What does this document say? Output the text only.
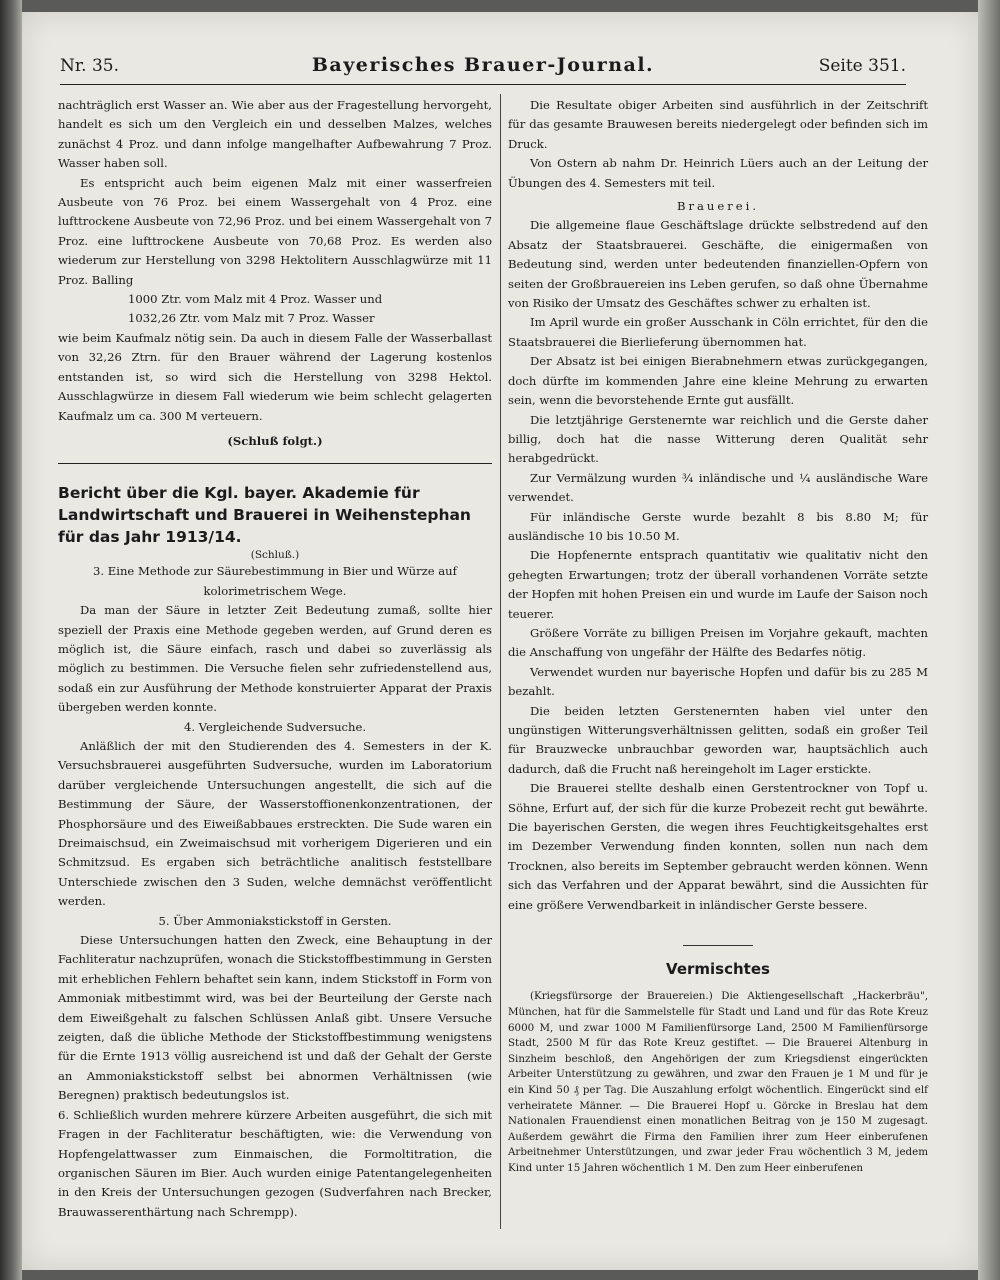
Nr. 35.	Bayerisches Brauer-Journal.	Seite 351.

nachträglich erst Wasser an. Wie aber aus der Fragestellung hervorgeht, handelt es sich um den Vergleich ein und desselben Malzes, welches zunächst 4 Proz. und dann infolge mangelhafter Aufbewahrung 7 Proz. Wasser haben soll.

Es entspricht auch beim eigenen Malz mit einer wasserfreien Ausbeute von 76 Proz. bei einem Wassergehalt von 4 Proz. eine lufttrockene Ausbeute von 72,96 Proz. und bei einem Wassergehalt von 7 Proz. eine lufttrockene Ausbeute von 70,68 Proz. Es werden also wiederum zur Herstellung von 3298 Hektolitern Ausschlagwürze mit 11 Proz. Balling

1000 Ztr. vom Malz mit 4 Proz. Wasser und

1032,26 Ztr. vom Malz mit 7 Proz. Wasser

wie beim Kaufmalz nötig sein. Da auch in diesem Falle der Wasserballast von 32,26 Ztrn. für den Brauer während der Lagerung kostenlos entstanden ist, so wird sich die Herstellung von 3298 Hektol. Ausschlagwürze in diesem Fall wiederum wie beim schlecht gelagerten Kaufmalz um ca. 300 M verteuern.

(Schluß folgt.)

Bericht über die Kgl. bayer. Akademie für Landwirtschaft und Brauerei in Weihenstephan für das Jahr 1913/14.

(Schluß.)

3. Eine Methode zur Säurebestimmung in Bier und Würze auf kolorimetrischem Wege.

Da man der Säure in letzter Zeit Bedeutung zumaß, sollte hier speziell der Praxis eine Methode gegeben werden, auf Grund deren es möglich ist, die Säure einfach, rasch und dabei so zuverlässig als möglich zu bestimmen. Die Versuche fielen sehr zufriedenstellend aus, sodaß ein zur Ausführung der Methode konstruierter Apparat der Praxis übergeben werden konnte.

4. Vergleichende Sudversuche.

Anläßlich der mit den Studierenden des 4. Semesters in der K. Versuchsbrauerei ausgeführten Sudversuche, wurden im Laboratorium darüber vergleichende Untersuchungen angestellt, die sich auf die Bestimmung der Säure, der Wasserstoffionenkonzentrationen, der Phosphorsäure und des Eiweißabbaues erstreckten. Die Sude waren ein Dreimaischsud, ein Zweimaischsud mit vorherigem Digerieren und ein Schmitzsud. Es ergaben sich beträchtliche analitisch feststellbare Unterschiede zwischen den 3 Suden, welche demnächst veröffentlicht werden.

5. Über Ammoniakstickstoff in Gersten.

Diese Untersuchungen hatten den Zweck, eine Behauptung in der Fachliteratur nachzuprüfen, wonach die Stickstoffbestimmung in Gersten mit erheblichen Fehlern behaftet sein kann, indem Stickstoff in Form von Ammoniak mitbestimmt wird, was bei der Beurteilung der Gerste nach dem Eiweißgehalt zu falschen Schlüssen Anlaß gibt. Unsere Versuche zeigten, daß die übliche Methode der Stickstoffbestimmung wenigstens für die Ernte 1913 völlig ausreichend ist und daß der Gehalt der Gerste an Ammoniakstickstoff selbst bei abnormen Verhältnissen (wie Beregnen) praktisch bedeutungslos ist.

6. Schließlich wurden mehrere kürzere Arbeiten ausgeführt, die sich mit Fragen in der Fachliteratur beschäftigten, wie: die Verwendung von Hopfengelattwasser zum Einmaischen, die Formoltitration, die organischen Säuren im Bier. Auch wurden einige Patentangelegenheiten in den Kreis der Untersuchungen gezogen (Sudverfahren nach Brecker, Brauwasserenthärtung nach Schrempp).

Die Resultate obiger Arbeiten sind ausführlich in der Zeitschrift für das gesamte Brauwesen bereits niedergelegt oder befinden sich im Druck.

Von Ostern ab nahm Dr. Heinrich Lüers auch an der Leitung der Übungen des 4. Semesters mit teil.

Brauerei.

Die allgemeine flaue Geschäftslage drückte selbstredend auf den Absatz der Staatsbrauerei. Geschäfte, die einigermaßen von Bedeutung sind, werden unter bedeutenden finanziellen-Opfern von seiten der Großbrauereien ins Leben gerufen, so daß ohne Übernahme von Risiko der Umsatz des Geschäftes schwer zu erhalten ist.

Im April wurde ein großer Ausschank in Cöln errichtet, für den die Staatsbrauerei die Bierlieferung übernommen hat.

Der Absatz ist bei einigen Bierabnehmern etwas zurückgegangen, doch dürfte im kommenden Jahre eine kleine Mehrung zu erwarten sein, wenn die bevorstehende Ernte gut ausfällt.

Die letztjährige Gerstenernte war reichlich und die Gerste daher billig, doch hat die nasse Witterung deren Qualität sehr herabgedrückt.

Zur Vermälzung wurden ¾ inländische und ¼ ausländische Ware verwendet.

Für inländische Gerste wurde bezahlt 8 bis 8.80 M; für ausländische 10 bis 10.50 M.

Die Hopfenernte entsprach quantitativ wie qualitativ nicht den gehegten Erwartungen; trotz der überall vorhandenen Vorräte setzte der Hopfen mit hohen Preisen ein und wurde im Laufe der Saison noch teuerer.

Größere Vorräte zu billigen Preisen im Vorjahre gekauft, machten die Anschaffung von ungefähr der Hälfte des Bedarfes nötig.

Verwendet wurden nur bayerische Hopfen und dafür bis zu 285 M bezahlt.

Die beiden letzten Gerstenernten haben viel unter den ungünstigen Witterungsverhältnissen gelitten, sodaß ein großer Teil für Brauzwecke unbrauchbar geworden war, hauptsächlich auch dadurch, daß die Frucht naß hereingeholt im Lager erstickte.

Die Brauerei stellte deshalb einen Gerstentrockner von Topf u. Söhne, Erfurt auf, der sich für die kurze Probezeit recht gut bewährte. Die bayerischen Gersten, die wegen ihres Feuchtigkeitsgehaltes erst im Dezember Verwendung finden konnten, sollen nun nach dem Trocknen, also bereits im September gebraucht werden können. Wenn sich das Verfahren und der Apparat bewährt, sind die Aussichten für eine größere Verwendbarkeit in inländischer Gerste bessere.

Vermischtes

(Kriegsfürsorge der Brauereien.) Die Aktiengesellschaft „Hackerbräu", München, hat für die Sammelstelle für Stadt und Land und für das Rote Kreuz 6000 M, und zwar 1000 M Familienfürsorge Land, 2500 M Familienfürsorge Stadt, 2500 M für das Rote Kreuz gestiftet. — Die Brauerei Altenburg in Sinzheim beschloß, den Angehörigen der zum Kriegsdienst eingerückten Arbeiter Unterstützung zu gewähren, und zwar den Frauen je 1 M und für je ein Kind 50 ₰ per Tag. Die Auszahlung erfolgt wöchentlich. Eingerückt sind elf verheiratete Männer. — Die Brauerei Hopf u. Görcke in Breslau hat dem Nationalen Frauendienst einen monatlichen Beitrag von je 150 M zugesagt. Außerdem gewährt die Firma den Familien ihrer zum Heer einberufenen Arbeitnehmer Unterstützungen, und zwar jeder Frau wöchentlich 3 M, jedem Kind unter 15 Jahren wöchentlich 1 M. Den zum Heer einberufenen
